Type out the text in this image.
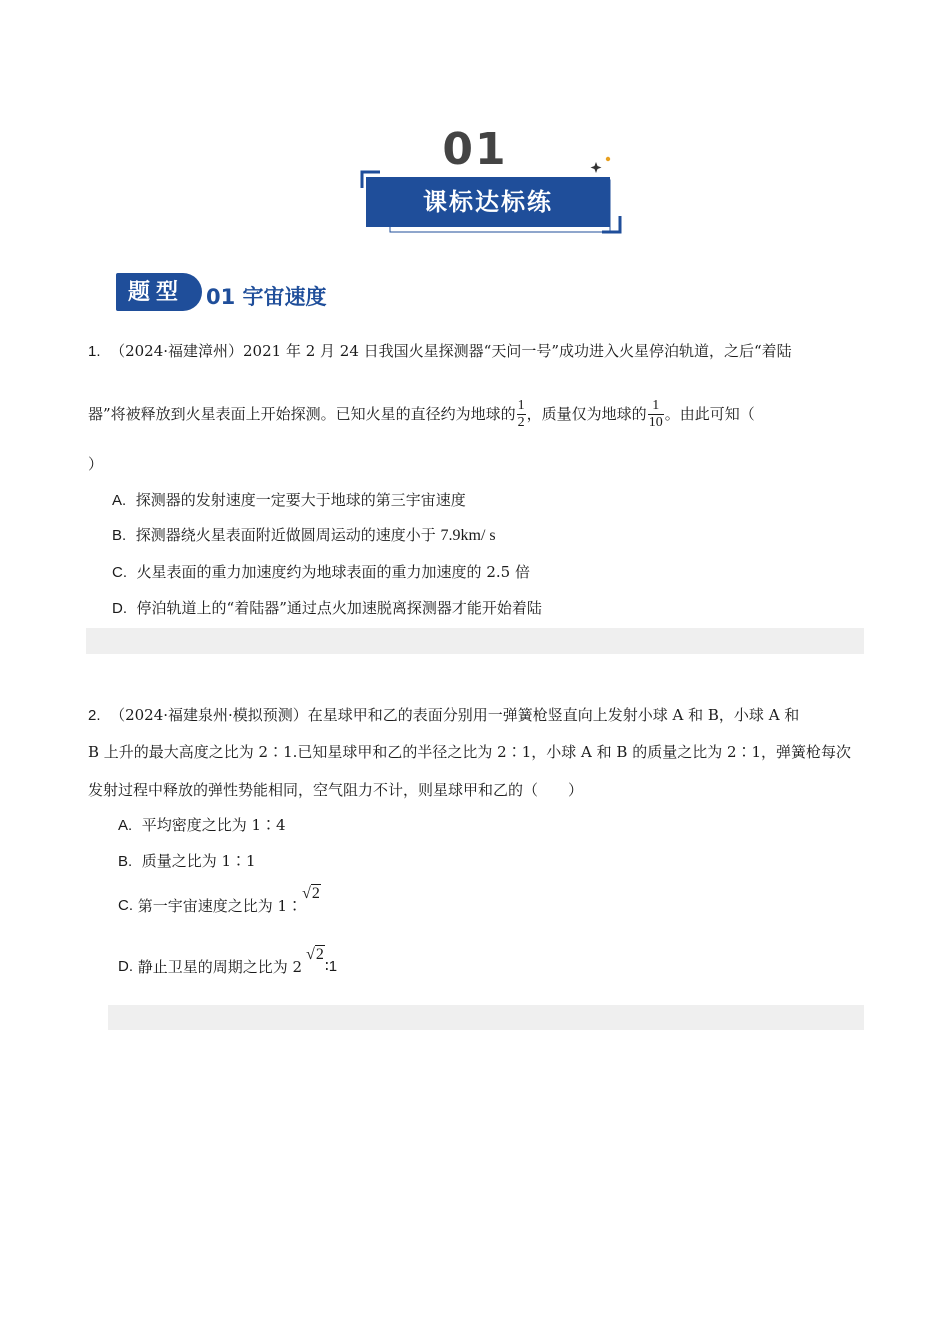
01
课标达标练
题型	01 宇宙速度
1. （2024·福建漳州）2021 年 2 月 24 日我国火星探测器“天问一号”成功进入火星停泊轨道，之后“着陆
器”将被释放到火星表面上开始探测。已知火星的直径约为地球的 $\frac{1}{2}$ ，质量仅为地球的 $\frac{1}{10}$ 。由此可知（
）
A. 探测器的发射速度一定要大于地球的第三宇宙速度
B. 探测器绕火星表面附近做圆周运动的速度小于 7.9km/ s
C. 火星表面的重力加速度约为地球表面的重力加速度的 2.5 倍
D. 停泊轨道上的“着陆器”通过点火加速脱离探测器才能开始着陆
2. （2024·福建泉州·模拟预测）在星球甲和乙的表面分别用一弹簧枪竖直向上发射小球 A 和 B，小球 A 和
B 上升的最大高度之比为 2∶1.已知星球甲和乙的半径之比为 2∶1，小球 A 和 B 的质量之比为 2∶1，弹簧枪每次
发射过程中释放的弹性势能相同，空气阻力不计，则星球甲和乙的（　　）
A. 平均密度之比为 1∶4
B. 质量之比为 1∶1
C.
第一宇宙速度之比为 1∶
√2
D.
静止卫星的周期之比为 2
√2
∶1
